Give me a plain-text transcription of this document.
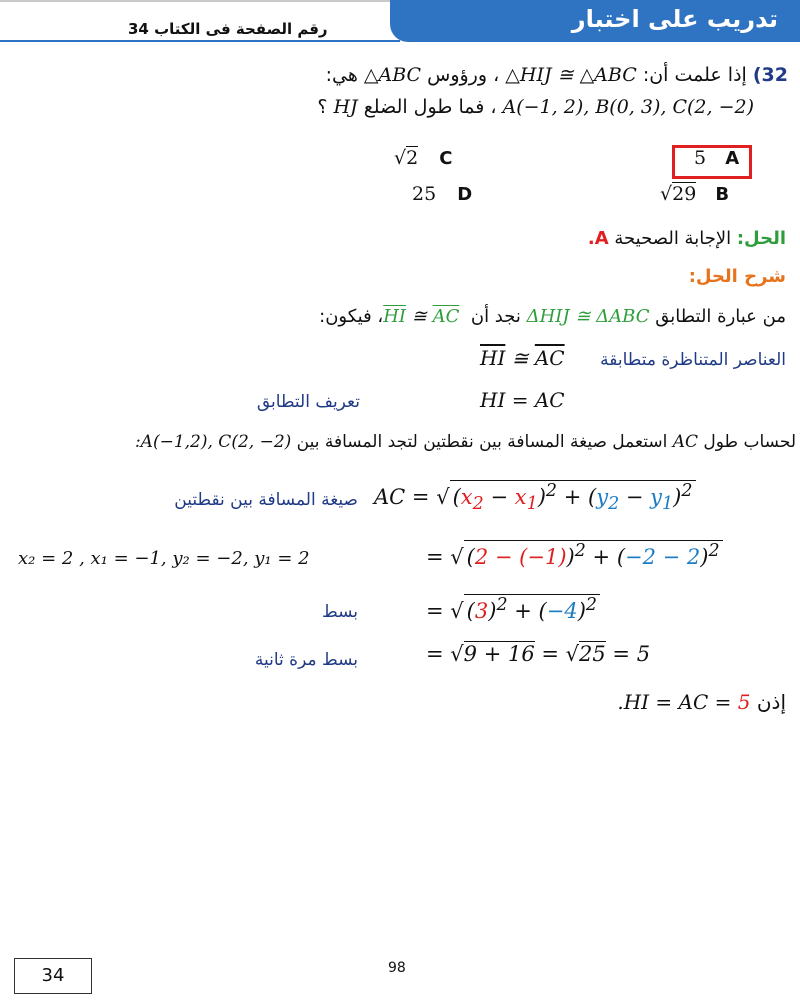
تدريب على اختبار
رقم الصفحة فى الكتاب 34
32) إذا علمت أن: △HIJ ≅ △ABC ، ورؤوس △ABC هي:
A(−1, 2), B(0, 3), C(2, −2) ، فما طول الضلع HJ ؟
5 A
√29 B
√2 C
25 D
الحل: الإجابة الصحيحة A.
شرح الحل:
من عبارة التطابق ΔHIJ ≅ ΔABC نجد أن $\overline{HI}$ ≅ $\overline{AC}$ ، فيكون:
العناصر المتناظرة متطابقة
$\overline{HI}$ ≅ $\overline{AC}$
تعريف التطابق	HI = AC
لحساب طول AC استعمل صيغة المسافة بين نقطتين لتجد المسافة بين :A(−1,2), C(2, −2)
صيغة المسافة بين نقطتين AC = √ $(x_2 - x_1)^2 + (y_2 - y_1)^2$
x₂ = 2 , x₁ = −1, y₂ = −2, y₁ = 2	= √ $(2 - (-1))^2 + (-2 - 2)^2$
بسط	= √ $(3)^2 + (-4)^2$
بسط مرة ثانية	= √9 + 16 = √25 = 5
إذن .HI = AC = 5
98
34
